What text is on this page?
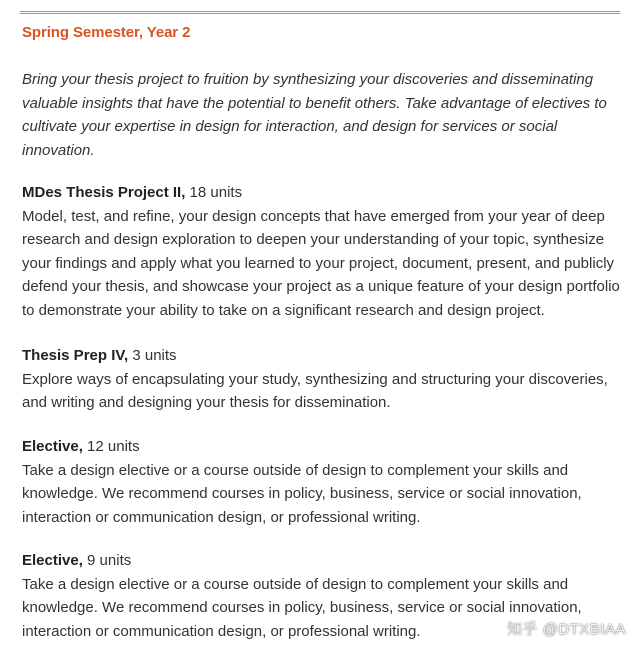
Spring Semester, Year 2

Bring your thesis project to fruition by synthesizing your discoveries and disseminating valuable insights that have the potential to benefit others. Take advantage of electives to cultivate your expertise in design for interaction, and design for services or social innovation.

MDes Thesis Project II, 18 units

Model, test, and refine, your design concepts that have emerged from your year of deep research and design exploration to deepen your understanding of your topic, synthesize your findings and apply what you learned to your project, document, present, and publicly defend your thesis, and showcase your project as a unique feature of your design portfolio to demonstrate your ability to take on a significant research and design project.

Thesis Prep IV, 3 units

Explore ways of encapsulating your study, synthesizing and structuring your discoveries, and writing and designing your thesis for dissemination.

Elective, 12 units

Take a design elective or a course outside of design to complement your skills and knowledge. We recommend courses in policy, business, service or social innovation, interaction or communication design, or professional writing.

Elective, 9 units

Take a design elective or a course outside of design to complement your skills and knowledge. We recommend courses in policy, business, service or social innovation, interaction or communication design, or professional writing.	知乎 @DTXBIAA
